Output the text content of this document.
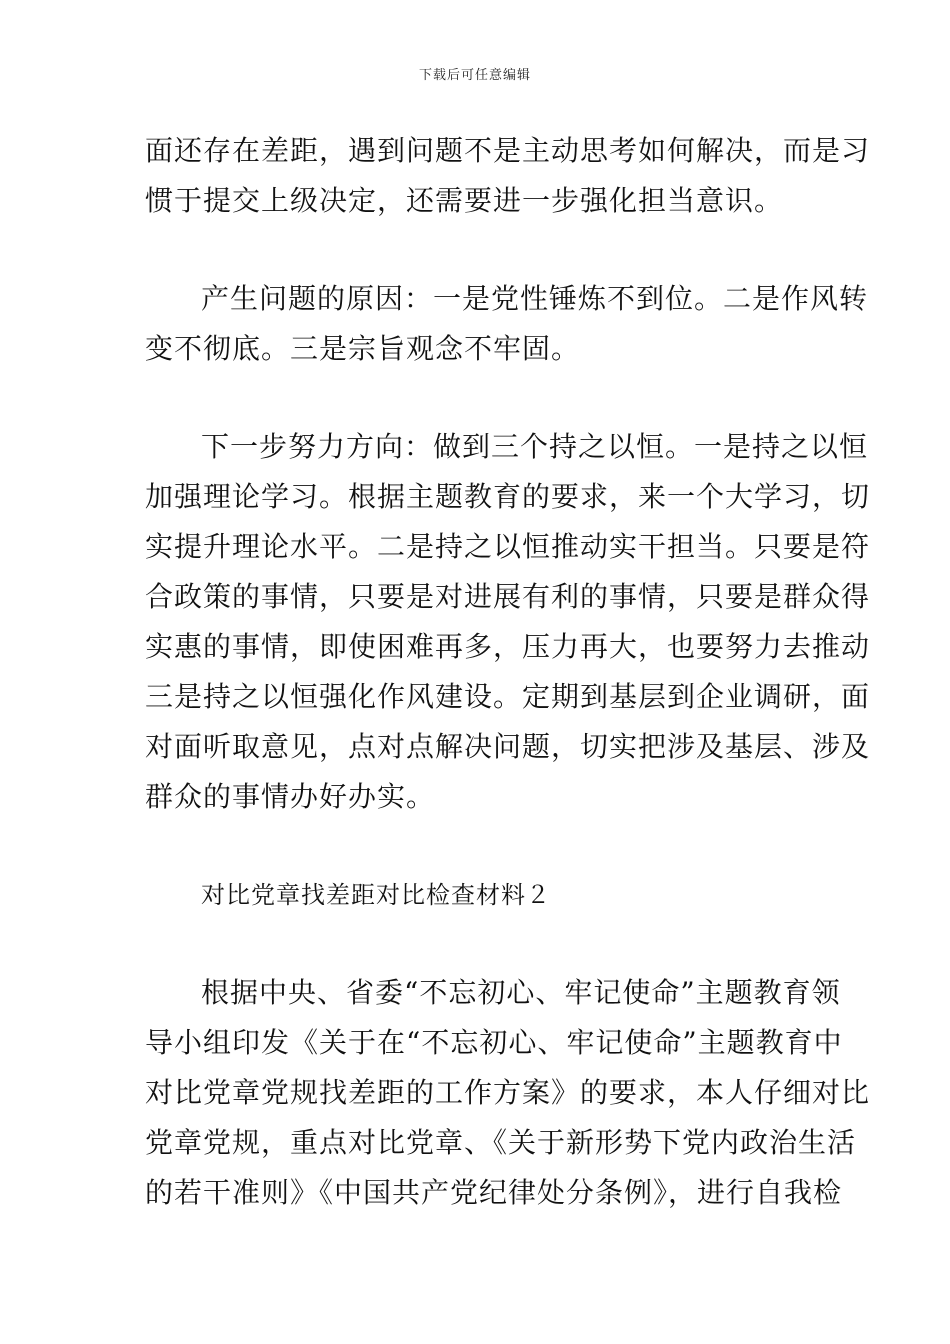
下载后可任意编辑
面还存在差距，遇到问题不是主动思考如何解决，而是习
惯于提交上级决定，还需要进一步强化担当意识。
产生问题的原因：一是党性锤炼不到位。二是作风转
变不彻底。三是宗旨观念不牢固。
下一步努力方向：做到三个持之以恒。一是持之以恒
加强理论学习。根据主题教育的要求，来一个大学习，切
实提升理论水平。二是持之以恒推动实干担当。只要是符
合政策的事情，只要是对进展有利的事情，只要是群众得
实惠的事情，即使困难再多，压力再大，也要努力去推动
三是持之以恒强化作风建设。定期到基层到企业调研，面
对面听取意见，点对点解决问题，切实把涉及基层、涉及
群众的事情办好办实。
对比党章找差距对比检查材料２
根据中央、省委“不忘初心、牢记使命”主题教育领
导小组印发《关于在“不忘初心、牢记使命”主题教育中
对比党章党规找差距的工作方案》的要求，本人仔细对比
党章党规，重点对比党章、《关于新形势下党内政治生活
的若干准则》《中国共产党纪律处分条例》，进行自我检
